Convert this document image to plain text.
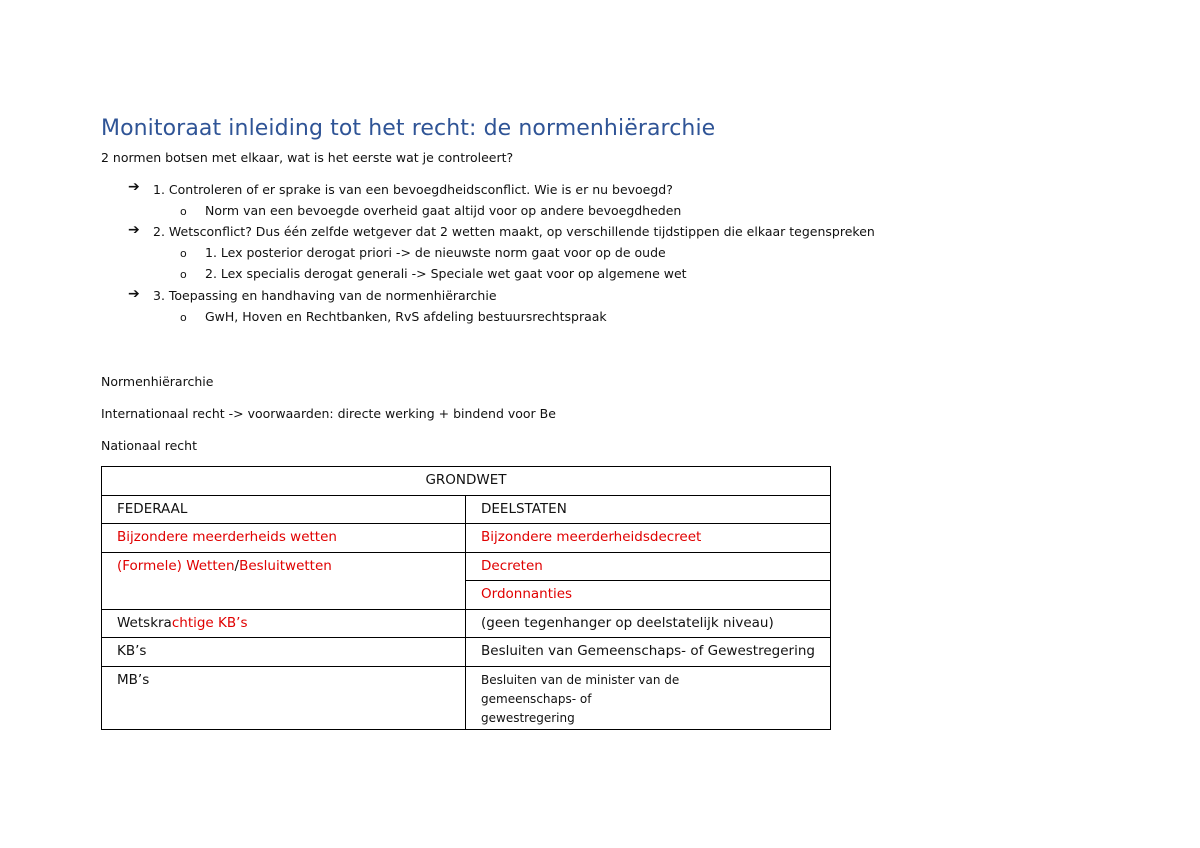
Monitoraat inleiding tot het recht: de normenhiërarchie
2 normen botsen met elkaar, wat is het eerste wat je controleert?
➔ 1. Controleren of er sprake is van een bevoegdheidsconflict. Wie is er nu bevoegd?
o Norm van een bevoegde overheid gaat altijd voor op andere bevoegdheden
➔ 2. Wetsconflict? Dus één zelfde wetgever dat 2 wetten maakt, op verschillende tijdstippen die elkaar tegenspreken
o 1. Lex posterior derogat priori -> de nieuwste norm gaat voor op de oude
o 2. Lex specialis derogat generali -> Speciale wet gaat voor op algemene wet
➔ 3. Toepassing en handhaving van de normenhiërarchie
o GwH, Hoven en Rechtbanken, RvS afdeling bestuursrechtspraak
Normenhiërarchie
Internationaal recht -> voorwaarden: directe werking + bindend voor Be
Nationaal recht
GRONDWET	
FEDERAAL	DEELSTATEN
Bijzondere meerderheids wetten	Bijzondere meerderheidsdecreet
(Formele) Wetten/Besluitwetten	Decreten
	Ordonnanties
Wetskrachtige KB’s	(geen tegenhanger op deelstatelijk niveau)
KB’s	Besluiten van Gemeenschaps- of Gewestregering
MB’s	Besluiten van de minister van de
gemeenschaps- of
gewestregering
